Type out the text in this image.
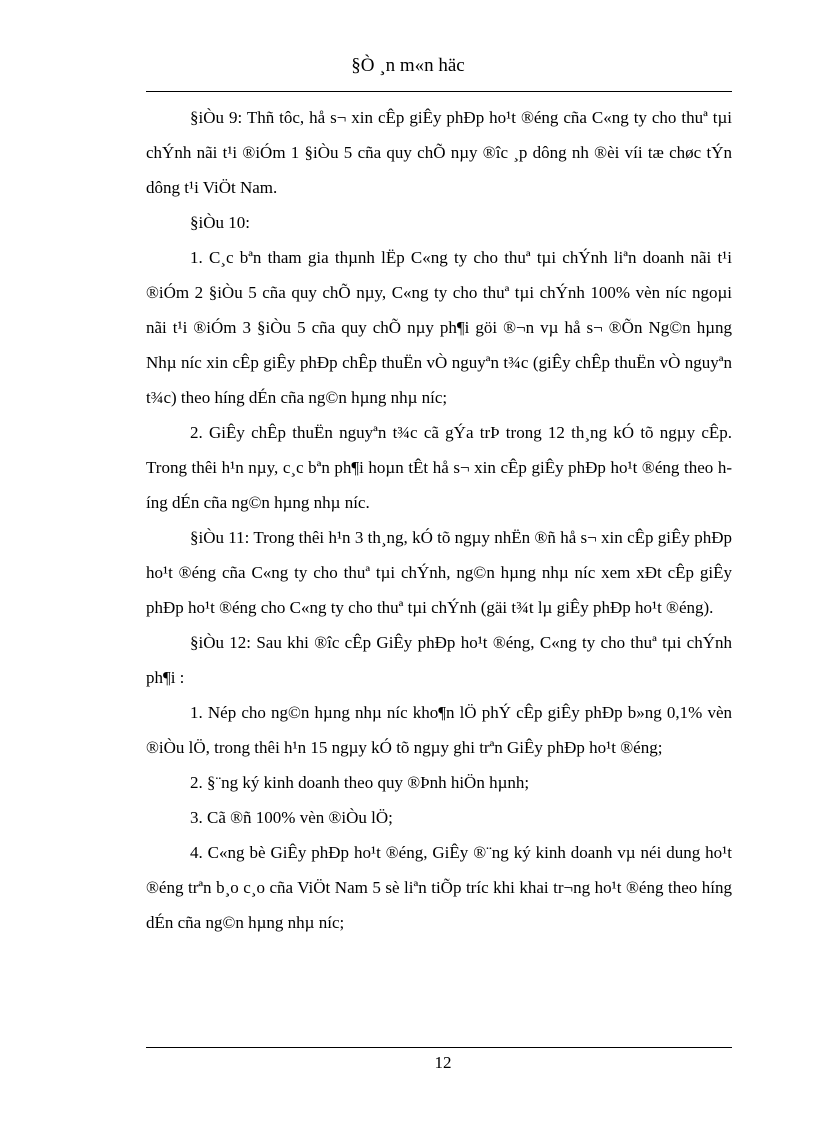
§Ò ¸n m«n häc

§iÒu 9: Thñ tôc, hå s¬ xin cÊp giÊy phÐp ho¹t ®éng cña C«ng ty cho thuª tµi chÝnh nãi t¹i ®iÓm 1 §iÒu 5 cña quy chÕ nµy ®îc ¸p dông nh ®èi víi tæ chøc tÝn dông t¹i ViÖt Nam.

§iÒu 10:

1. C¸c bªn tham gia thµnh lËp C«ng ty cho thuª tµi chÝnh liªn doanh nãi t¹i ®iÓm 2 §iÒu 5 cña quy chÕ nµy, C«ng ty cho thuª tµi chÝnh 100% vèn níc ngoµi nãi t¹i ®iÓm 3 §iÒu 5 cña quy chÕ nµy ph¶i göi ®¬n vµ hå s¬ ®Õn Ng©n hµng Nhµ níc xin cÊp giÊy phÐp chÊp thuËn vÒ nguyªn t¾c (giÊy chÊp thuËn vÒ nguyªn t¾c) theo híng dÉn cña ng©n hµng nhµ níc;

2. GiÊy chÊp thuËn nguyªn t¾c cã gÝa trÞ trong 12 th¸ng kÓ tõ ngµy cÊp. Trong thêi h¹n nµy, c¸c bªn ph¶i hoµn tÊt hå s¬ xin cÊp giÊy phÐp ho¹t ®éng theo híng dÉn cña ng©n hµng nhµ níc.

§iÒu 11: Trong thêi h¹n 3 th¸ng, kÓ tõ ngµy nhËn ®ñ hå s¬ xin cÊp giÊy phÐp ho¹t ®éng cña C«ng ty cho thuª tµi chÝnh, ng©n hµng nhµ níc xem xÐt cÊp giÊy phÐp ho¹t ®éng cho C«ng ty cho thuª tµi chÝnh (gäi t¾t lµ giÊy phÐp ho¹t ®éng).

§iÒu 12: Sau khi ®îc cÊp GiÊy phÐp ho¹t ®éng, C«ng ty cho thuª tµi chÝnh ph¶i :

1. Nép cho ng©n hµng nhµ níc kho¶n lÖ phÝ cÊp giÊy phÐp b»ng 0,1% vèn ®iÒu lÖ, trong thêi h¹n 15 ngµy kÓ tõ ngµy ghi trªn GiÊy phÐp ho¹t ®éng;

2. §¨ng ký kinh doanh theo quy ®Þnh hiÖn hµnh;

3. Cã ®ñ 100% vèn ®iÒu lÖ;

4. C«ng bè GiÊy phÐp ho¹t ®éng, GiÊy ®¨ng ký kinh doanh vµ néi dung ho¹t ®éng trªn b¸o c¸o cña ViÖt Nam 5 sè liªn tiÕp tríc khi khai tr¬ng ho¹t ®éng theo híng dÉn cña ng©n hµng nhµ níc;

12
